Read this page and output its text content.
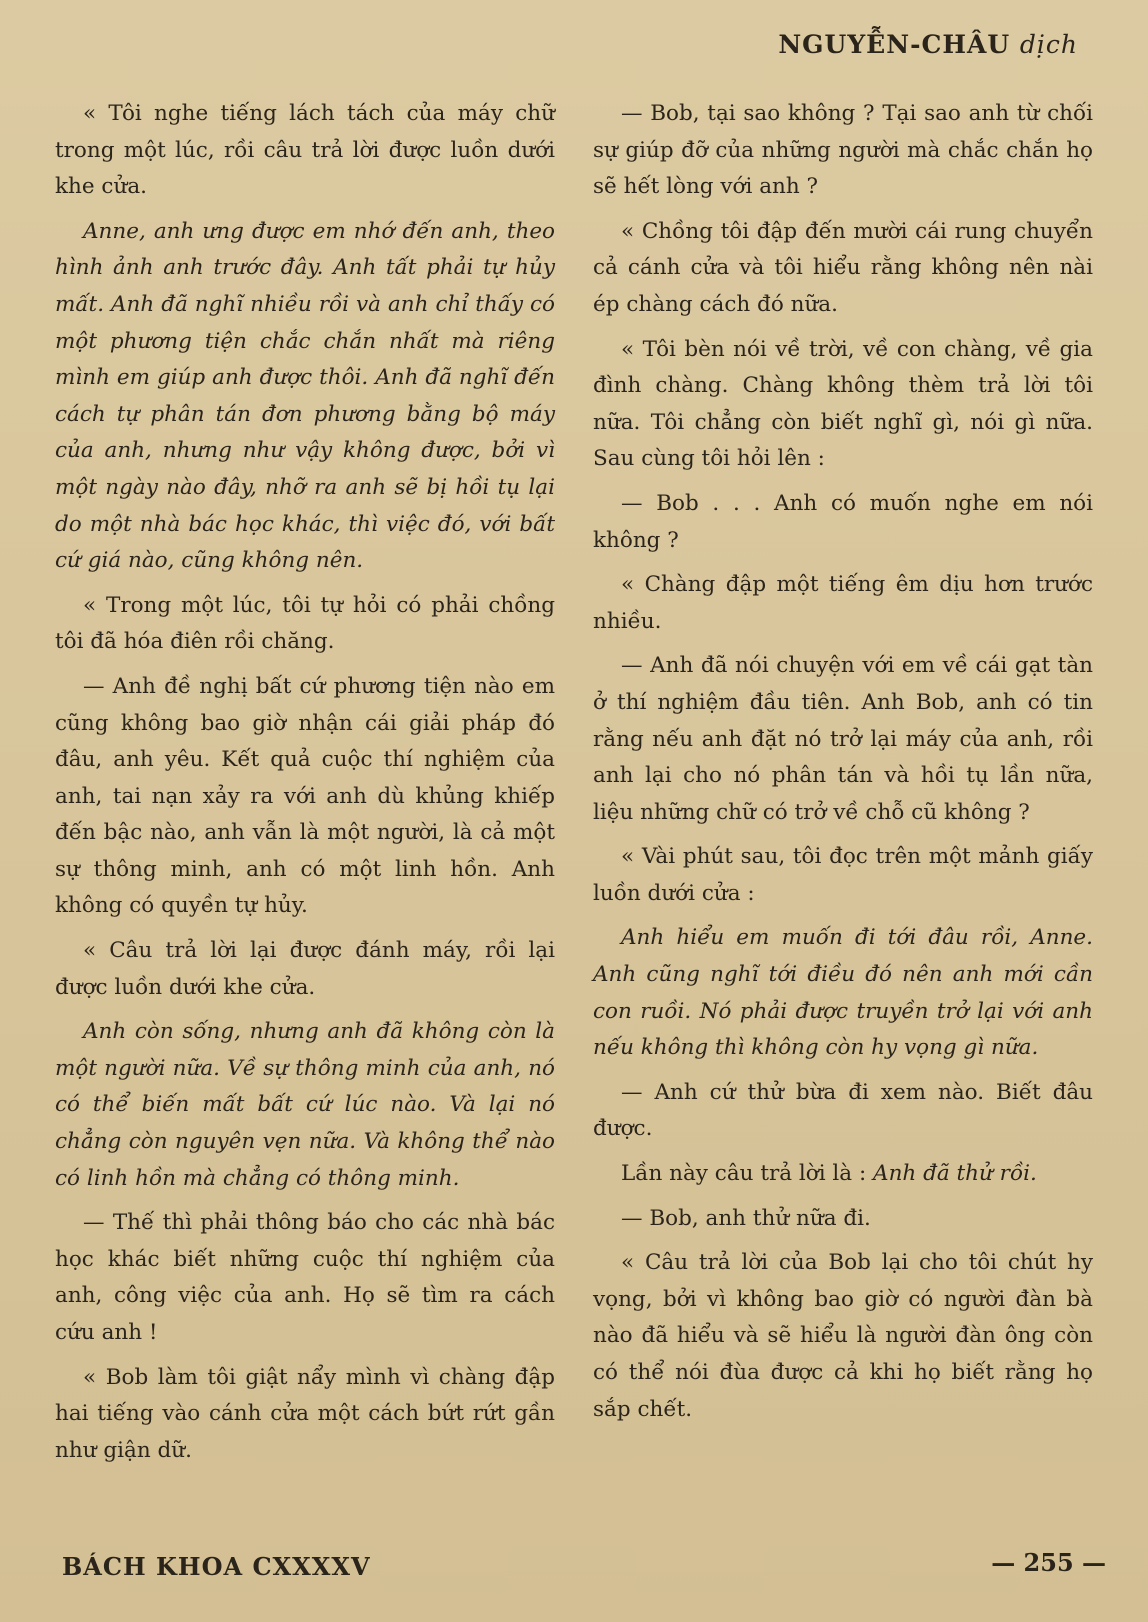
NGUYỄN-CHÂU dịch

« Tôi nghe tiếng lách tách của máy chữ trong một lúc, rồi câu trả lời được luồn dưới khe cửa.

Anne, anh ưng được em nhớ đến anh, theo hình ảnh anh trước đây. Anh tất phải tự hủy mất. Anh đã nghĩ nhiều rồi và anh chỉ thấy có một phương tiện chắc chắn nhất mà riêng mình em giúp anh được thôi. Anh đã nghĩ đến cách tự phân tán đơn phương bằng bộ máy của anh, nhưng như vậy không được, bởi vì một ngày nào đây, nhỡ ra anh sẽ bị hồi tụ lại do một nhà bác học khác, thì việc đó, với bất cứ giá nào, cũng không nên.

« Trong một lúc, tôi tự hỏi có phải chồng tôi đã hóa điên rồi chăng.

— Anh đề nghị bất cứ phương tiện nào em cũng không bao giờ nhận cái giải pháp đó đâu, anh yêu. Kết quả cuộc thí nghiệm của anh, tai nạn xảy ra với anh dù khủng khiếp đến bậc nào, anh vẫn là một người, là cả một sự thông minh, anh có một linh hồn. Anh không có quyền tự hủy.

« Câu trả lời lại được đánh máy, rồi lại được luồn dưới khe cửa.

Anh còn sống, nhưng anh đã không còn là một người nữa. Về sự thông minh của anh, nó có thể biến mất bất cứ lúc nào. Và lại nó chẳng còn nguyên vẹn nữa. Và không thể nào có linh hồn mà chẳng có thông minh.

— Thế thì phải thông báo cho các nhà bác học khác biết những cuộc thí nghiệm của anh, công việc của anh. Họ sẽ tìm ra cách cứu anh !

« Bob làm tôi giật nẩy mình vì chàng đập hai tiếng vào cánh cửa một cách bứt rứt gần như giận dữ.

— Bob, tại sao không ? Tại sao anh từ chối sự giúp đỡ của những người mà chắc chắn họ sẽ hết lòng với anh ?

« Chồng tôi đập đến mười cái rung chuyển cả cánh cửa và tôi hiểu rằng không nên nài ép chàng cách đó nữa.

« Tôi bèn nói về trời, về con chàng, về gia đình chàng. Chàng không thèm trả lời tôi nữa. Tôi chẳng còn biết nghĩ gì, nói gì nữa. Sau cùng tôi hỏi lên :

— Bob . . . Anh có muốn nghe em nói không ?

« Chàng đập một tiếng êm dịu hơn trước nhiều.

— Anh đã nói chuyện với em về cái gạt tàn ở thí nghiệm đầu tiên. Anh Bob, anh có tin rằng nếu anh đặt nó trở lại máy của anh, rồi anh lại cho nó phân tán và hồi tụ lần nữa, liệu những chữ có trở về chỗ cũ không ?

« Vài phút sau, tôi đọc trên một mảnh giấy luồn dưới cửa :

Anh hiểu em muốn đi tới đâu rồi, Anne. Anh cũng nghĩ tới điều đó nên anh mới cần con ruồi. Nó phải được truyền trở lại với anh nếu không thì không còn hy vọng gì nữa.

— Anh cứ thử bừa đi xem nào. Biết đâu được.

Lần này câu trả lời là : Anh đã thử rồi.

— Bob, anh thử nữa đi.

« Câu trả lời của Bob lại cho tôi chút hy vọng, bởi vì không bao giờ có người đàn bà nào đã hiểu và sẽ hiểu là người đàn ông còn có thể nói đùa được cả khi họ biết rằng họ sắp chết.

BÁCH KHOA CXXXXV	— 255 —
